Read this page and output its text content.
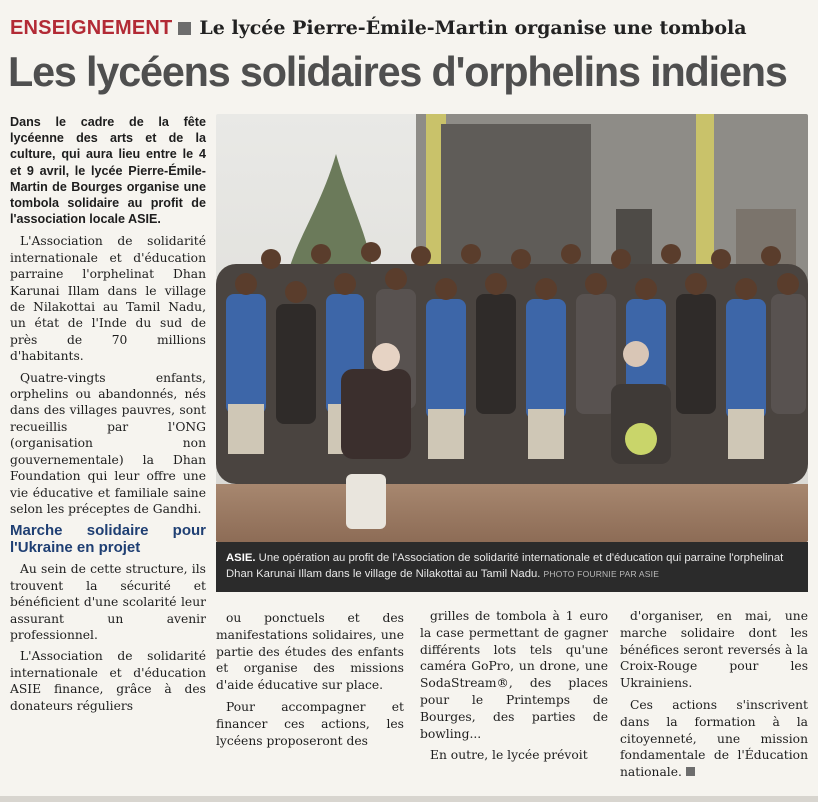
ENSEIGNEMENT Le lycée Pierre-Émile-Martin organise une tombola
Les lycéens solidaires d'orphelins indiens

Dans le cadre de la fête lycéenne des arts et de la culture, qui aura lieu entre le 4 et 9 avril, le lycée Pierre-Émile-Martin de Bourges organise une tombola solidaire au profit de l'association locale ASIE.

L'Association de solidarité internationale et d'éducation parraine l'orphelinat Dhan Karunai Illam dans le village de Nilakottai au Tamil Nadu, un état de l'Inde du sud de près de 70 millions d'habitants.

Quatre-vingts enfants, orphelins ou abandonnés, nés dans des villages pauvres, sont recueillis par l'ONG (organisation non gouvernementale) la Dhan Foundation qui leur offre une vie éducative et familiale saine selon les préceptes de Gandhi.

Marche solidaire pour l'Ukraine en projet

Au sein de cette structure, ils trouvent la sécurité et bénéficient d'une scolarité leur assurant un avenir professionnel.

L'Association de solidarité internationale et d'éducation ASIE finance, grâce à des donateurs réguliers

ASIE. Une opération au profit de l'Association de solidarité internationale et d'éducation qui parraine l'orphelinat Dhan Karunai Illam dans le village de Nilakottai au Tamil Nadu. PHOTO FOURNIE PAR ASIE

ou ponctuels et des manifestations solidaires, une partie des études des enfants et organise des missions d'aide éducative sur place.

Pour accompagner et financer ces actions, les lycéens proposeront des

grilles de tombola à 1 euro la case permettant de gagner différents lots tels qu'une caméra GoPro, un drone, une SodaStream®, des places pour le Printemps de Bourges, des parties de bowling...

En outre, le lycée prévoit

d'organiser, en mai, une marche solidaire dont les bénéfices seront reversés à la Croix-Rouge pour les Ukrainiens.

Ces actions s'inscrivent dans la formation à la citoyenneté, une mission fondamentale de l'Éducation nationale.
